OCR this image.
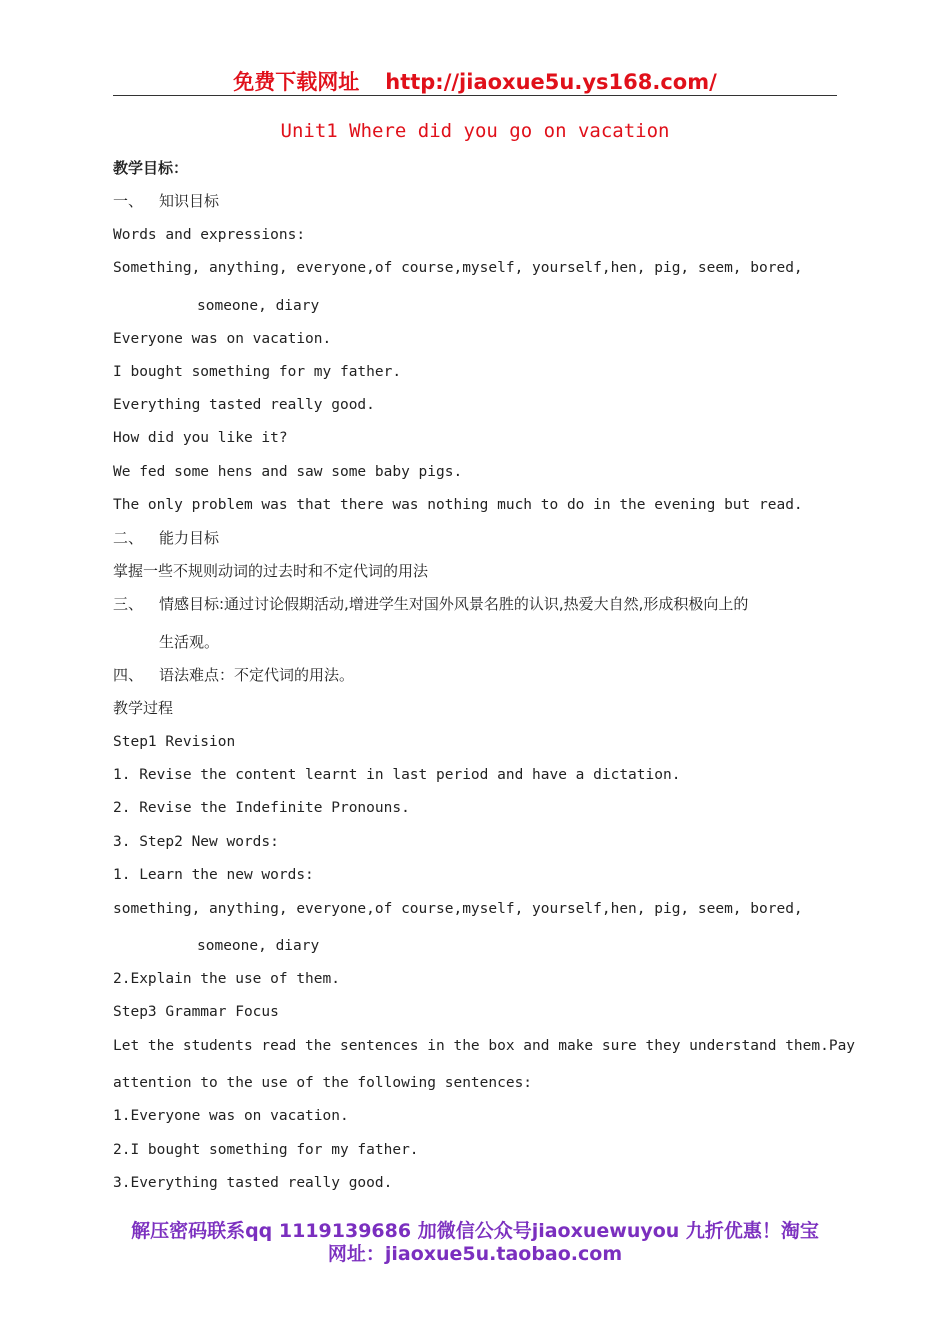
免费下载网址 http://jiaoxue5u.ys168.com/
Unit1 Where did you go on vacation
教学目标：
一、 知识目标
Words and expressions:
Something, anything, everyone,of course,myself, yourself,hen, pig, seem, bored,
someone, diary
Everyone was on vacation.
I bought something for my father.
Everything tasted really good.
How did you like it?
We fed some hens and saw some baby pigs.
The only problem was that there was nothing much to do in the evening but read.
二、 能力目标
掌握一些不规则动词的过去时和不定代词的用法
三、 情感目标:通过讨论假期活动,增进学生对国外风景名胜的认识,热爱大自然,形成积极向上的
生活观。
四、 语法难点：不定代词的用法。
教学过程
Step1 Revision
1. Revise the content learnt in last period and have a dictation.
2. Revise the Indefinite Pronouns.
3. Step2 New words:
1. Learn the new words:
something, anything, everyone,of course,myself, yourself,hen, pig, seem, bored,
someone, diary
2.Explain the use of them.
Step3 Grammar Focus
Let the students read the sentences in the box and make sure they understand them.Pay
attention to the use of the following sentences:
1.Everyone was on vacation.
2.I bought something for my father.
3.Everything tasted really good.
解压密码联系qq 1119139686 加微信公众号jiaoxuewuyou 九折优惠！淘宝
网址：jiaoxue5u.taobao.com
